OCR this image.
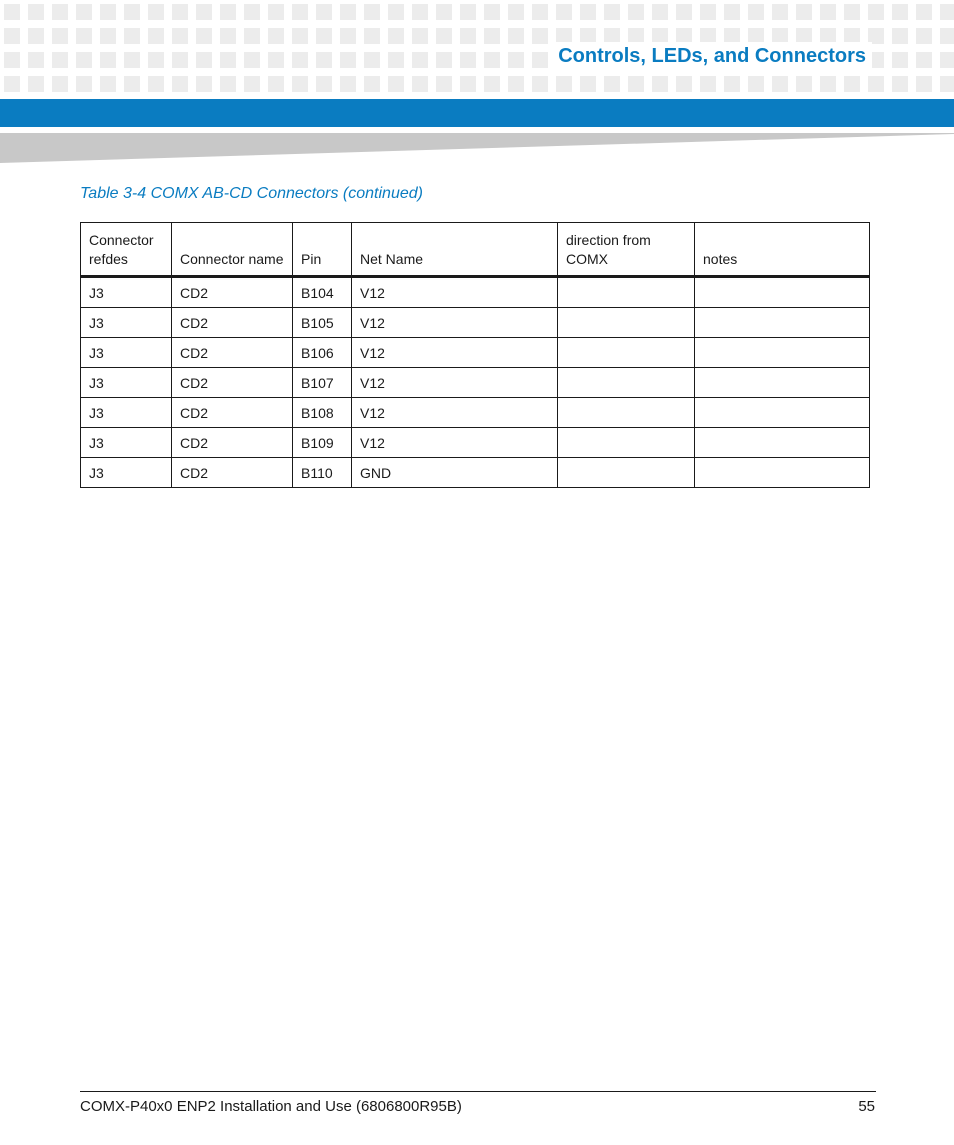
Controls, LEDs, and Connectors
Table 3-4 COMX AB-CD Connectors (continued)
Connector refdes	Connector name	Pin	Net Name	direction from COMX	notes
J3	CD2	B104	V12		
J3	CD2	B105	V12		
J3	CD2	B106	V12		
J3	CD2	B107	V12		
J3	CD2	B108	V12		
J3	CD2	B109	V12		
J3	CD2	B110	GND		
COMX-P40x0 ENP2 Installation and Use (6806800R95B)	55
